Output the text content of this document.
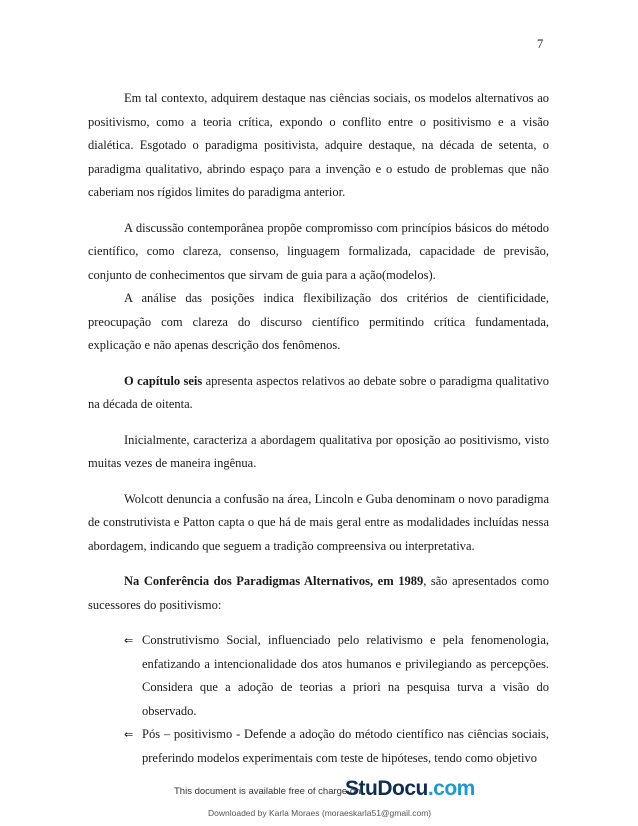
7

Em tal contexto, adquirem destaque nas ciências sociais, os modelos alternativos ao positivismo, como a teoria crítica, expondo o conflito entre o positivismo e a visão dialética. Esgotado o paradigma positivista, adquire destaque, na década de setenta, o paradigma qualitativo, abrindo espaço para a invenção e o estudo de problemas que não caberiam nos rígidos limites do paradigma anterior.

A discussão contemporânea propõe compromisso com princípios básicos do método científico, como clareza, consenso, linguagem formalizada, capacidade de previsão, conjunto de conhecimentos que sirvam de guia para a ação(modelos).

A análise das posições indica flexibilização dos critérios de cientificidade, preocupação com clareza do discurso científico permitindo crítica fundamentada, explicação e não apenas descrição dos fenômenos.

O capítulo seis apresenta aspectos relativos ao debate sobre o paradigma qualitativo na década de oitenta.

Inicialmente, caracteriza a abordagem qualitativa por oposição ao positivismo, visto muitas vezes de maneira ingênua.

Wolcott denuncia a confusão na área, Lincoln e Guba denominam o novo paradigma de construtivista e Patton capta o que há de mais geral entre as modalidades incluídas nessa abordagem, indicando que seguem a tradição compreensiva ou interpretativa.

Na Conferência dos Paradigmas Alternativos, em 1989, são apresentados como sucessores do positivismo:

⇐ Construtivismo Social, influenciado pelo relativismo e pela fenomenologia, enfatizando a intencionalidade dos atos humanos e privilegiando as percepções. Considera que a adoção de teorias a priori na pesquisa turva a visão do observado.
⇐ Pós – positivismo - Defende a adoção do método científico nas ciências sociais, preferindo modelos experimentais com teste de hipóteses, tendo como objetivo
This document is available free of charge on
StuDocu.com
Downloaded by Karla Moraes (moraeskarla51@gmail.com)
